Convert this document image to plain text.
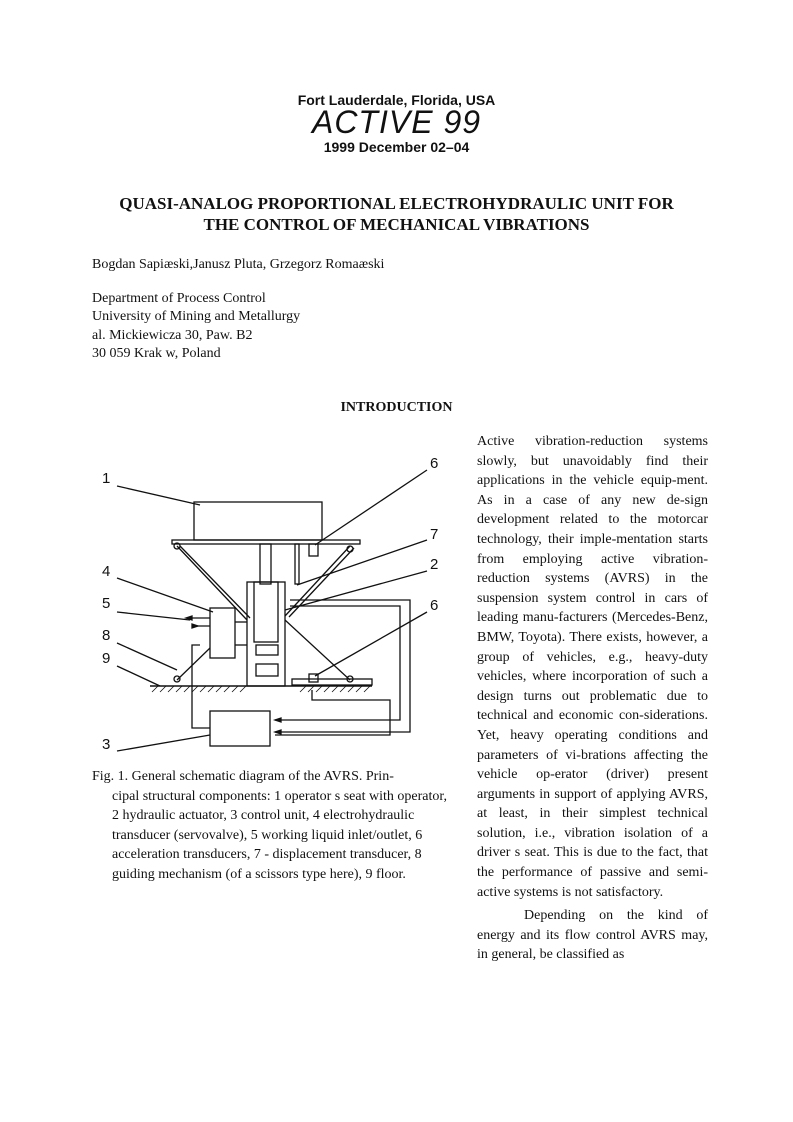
Fort Lauderdale, Florida, USA
ACTIVE 99
1999 December 02–04
QUASI-ANALOG PROPORTIONAL ELECTROHYDRAULIC UNIT FOR
THE CONTROL OF MECHANICAL VIBRATIONS
Bogdan Sapiæski,Janusz Pluta, Grzegorz Romaæski
Department of Process Control
University of Mining and Metallurgy
al. Mickiewicza 30, Paw. B2
30 059 Krak w, Poland
INTRODUCTION
1
6
7
4	2
5	6
8
9
3
Fig. 1. General schematic diagram of the AVRS. Prin-
cipal structural components: 1 operator s seat with operator, 2 hydraulic actuator, 3 control unit, 4 electrohydraulic transducer (servovalve), 5 working liquid inlet/outlet, 6 acceleration transducers, 7 - displacement transducer, 8 guiding mechanism (of a scissors type here), 9 floor.

Active vibration-reduction systems slowly, but unavoidably find their applications in the vehicle equip-ment. As in a case of any new de-sign development related to the motorcar technology, their imple-mentation starts from employing active vibration-reduction systems (AVRS) in the suspension system control in cars of leading manu-facturers (Mercedes-Benz, BMW, Toyota). There exists, however, a group of vehicles, e.g., heavy-duty vehicles, where incorporation of such a design turns out problematic due to technical and economic con-siderations. Yet, heavy operating conditions and parameters of vi-brations affecting the vehicle op-erator (driver) present arguments in support of applying AVRS, at least, in their simplest technical solution, i.e., vibration isolation of a driver s seat. This is due to the fact, that the performance of passive and semi-active systems is not satisfactory.

Depending on the kind of energy and its flow control AVRS may, in general, be classified as
